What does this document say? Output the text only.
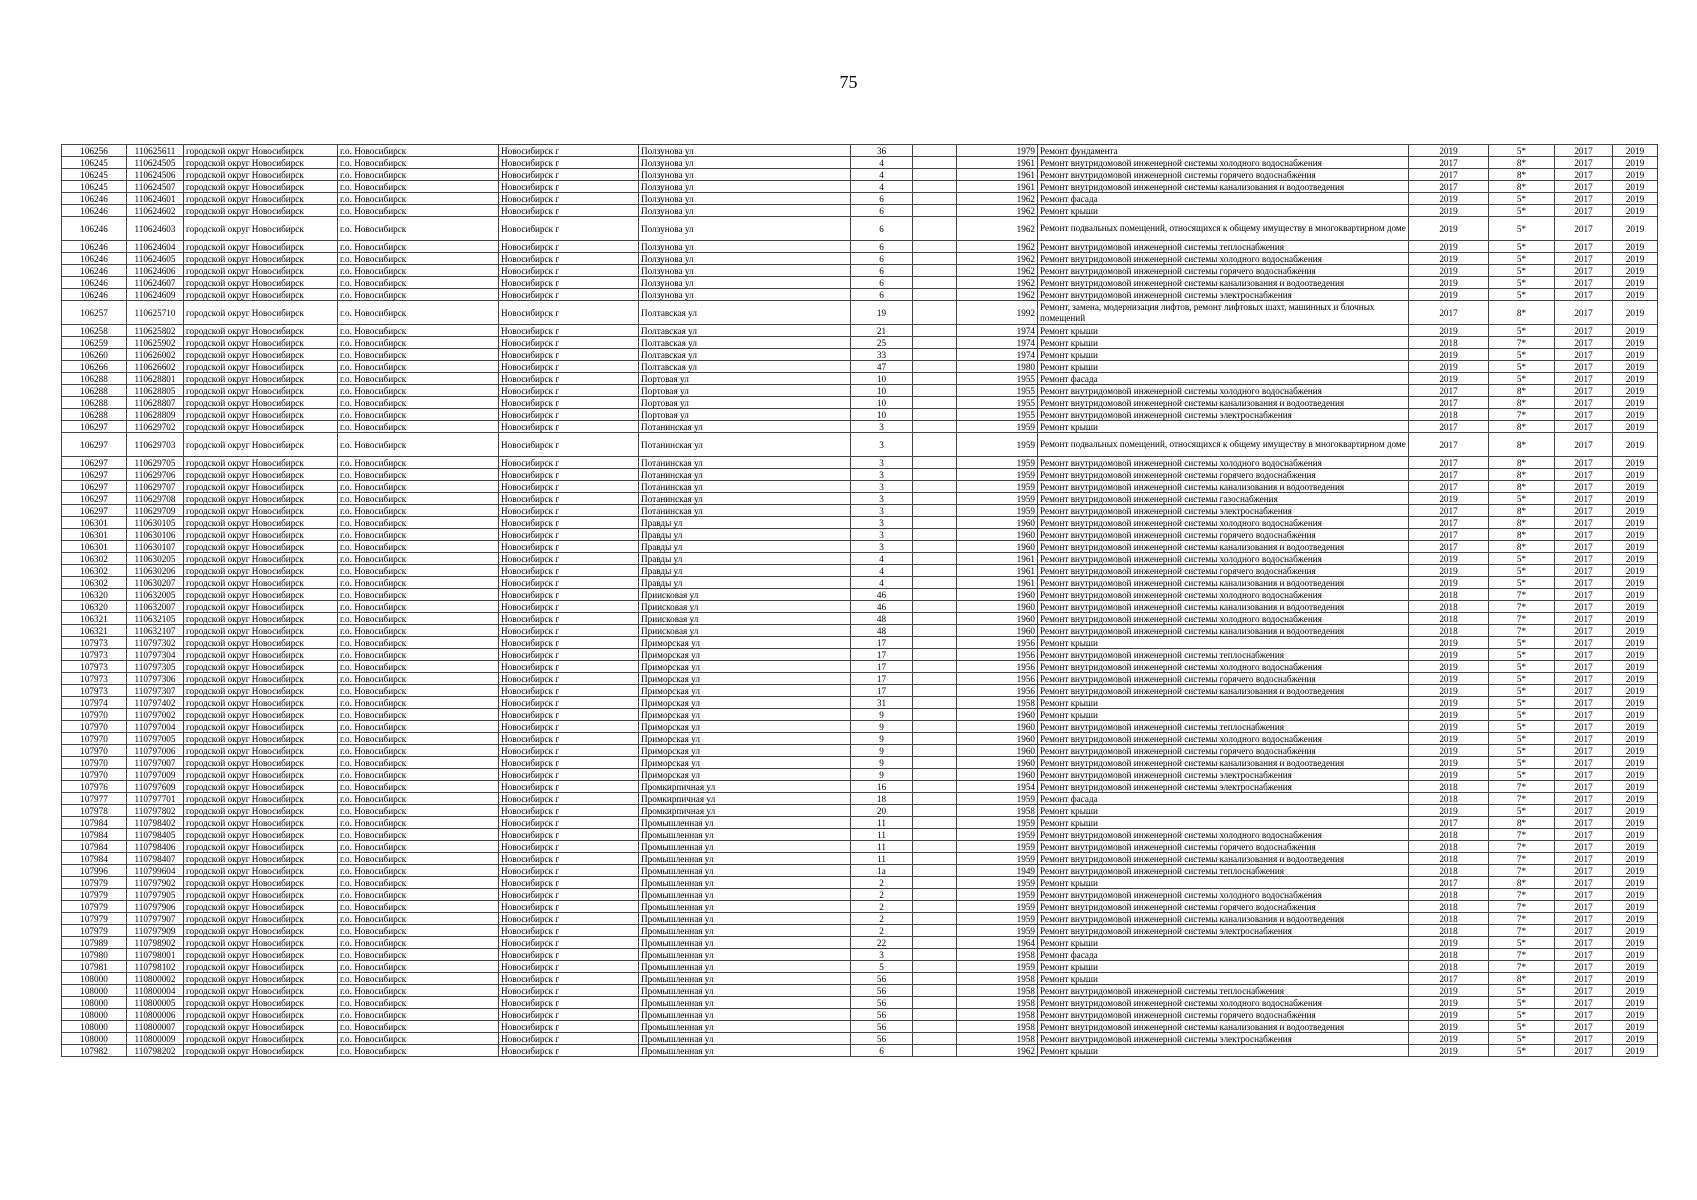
75
106256	110625611	городской округ Новосибирск	г.о. Новосибирск	Новосибирск г	Ползунова ул	36		1979	Ремонт фундамента	2019	5*	2017	2019
106245	110624505	городской округ Новосибирск	г.о. Новосибирск	Новосибирск г	Ползунова ул	4		1961	Ремонт внутридомовой инженерной системы холодного водоснабжения	2017	8*	2017	2019
106245	110624506	городской округ Новосибирск	г.о. Новосибирск	Новосибирск г	Ползунова ул	4		1961	Ремонт внутридомовой инженерной системы горячего водоснабжения	2017	8*	2017	2019
106245	110624507	городской округ Новосибирск	г.о. Новосибирск	Новосибирск г	Ползунова ул	4		1961	Ремонт внутридомовой инженерной системы канализования и водоотведения	2017	8*	2017	2019
106246	110624601	городской округ Новосибирск	г.о. Новосибирск	Новосибирск г	Ползунова ул	6		1962	Ремонт фасада	2019	5*	2017	2019
106246	110624602	городской округ Новосибирск	г.о. Новосибирск	Новосибирск г	Ползунова ул	6		1962	Ремонт крыши	2019	5*	2017	2019
106246	110624603	городской округ Новосибирск	г.о. Новосибирск	Новосибирск г	Ползунова ул	6		1962	Ремонт подвальных помещений, относящихся к общему имуществу в многоквартирном доме	2019	5*	2017	2019
106246	110624604	городской округ Новосибирск	г.о. Новосибирск	Новосибирск г	Ползунова ул	6		1962	Ремонт внутридомовой инженерной системы теплоснабжения	2019	5*	2017	2019
106246	110624605	городской округ Новосибирск	г.о. Новосибирск	Новосибирск г	Ползунова ул	6		1962	Ремонт внутридомовой инженерной системы холодного водоснабжения	2019	5*	2017	2019
106246	110624606	городской округ Новосибирск	г.о. Новосибирск	Новосибирск г	Ползунова ул	6		1962	Ремонт внутридомовой инженерной системы горячего водоснабжения	2019	5*	2017	2019
106246	110624607	городской округ Новосибирск	г.о. Новосибирск	Новосибирск г	Ползунова ул	6		1962	Ремонт внутридомовой инженерной системы канализования и водоотведения	2019	5*	2017	2019
106246	110624609	городской округ Новосибирск	г.о. Новосибирск	Новосибирск г	Ползунова ул	6		1962	Ремонт внутридомовой инженерной системы электроснабжения	2019	5*	2017	2019
106257	110625710	городской округ Новосибирск	г.о. Новосибирск	Новосибирск г	Полтавская ул	19		1992	Ремонт, замена, модернизация лифтов, ремонт лифтовых шахт, машинных и блочных помещений	2017	8*	2017	2019
106258	110625802	городской округ Новосибирск	г.о. Новосибирск	Новосибирск г	Полтавская ул	21		1974	Ремонт крыши	2019	5*	2017	2019
106259	110625902	городской округ Новосибирск	г.о. Новосибирск	Новосибирск г	Полтавская ул	25		1974	Ремонт крыши	2018	7*	2017	2019
106260	110626002	городской округ Новосибирск	г.о. Новосибирск	Новосибирск г	Полтавская ул	33		1974	Ремонт крыши	2019	5*	2017	2019
106266	110626602	городской округ Новосибирск	г.о. Новосибирск	Новосибирск г	Полтавская ул	47		1980	Ремонт крыши	2019	5*	2017	2019
106288	110628801	городской округ Новосибирск	г.о. Новосибирск	Новосибирск г	Портовая ул	10		1955	Ремонт фасада	2019	5*	2017	2019
106288	110628805	городской округ Новосибирск	г.о. Новосибирск	Новосибирск г	Портовая ул	10		1955	Ремонт внутридомовой инженерной системы холодного водоснабжения	2017	8*	2017	2019
106288	110628807	городской округ Новосибирск	г.о. Новосибирск	Новосибирск г	Портовая ул	10		1955	Ремонт внутридомовой инженерной системы канализования и водоотведения	2017	8*	2017	2019
106288	110628809	городской округ Новосибирск	г.о. Новосибирск	Новосибирск г	Портовая ул	10		1955	Ремонт внутридомовой инженерной системы электроснабжения	2018	7*	2017	2019
106297	110629702	городской округ Новосибирск	г.о. Новосибирск	Новосибирск г	Потанинская ул	3		1959	Ремонт крыши	2017	8*	2017	2019
106297	110629703	городской округ Новосибирск	г.о. Новосибирск	Новосибирск г	Потанинская ул	3		1959	Ремонт подвальных помещений, относящихся к общему имуществу в многоквартирном доме	2017	8*	2017	2019
106297	110629705	городской округ Новосибирск	г.о. Новосибирск	Новосибирск г	Потанинская ул	3		1959	Ремонт внутридомовой инженерной системы холодного водоснабжения	2017	8*	2017	2019
106297	110629706	городской округ Новосибирск	г.о. Новосибирск	Новосибирск г	Потанинская ул	3		1959	Ремонт внутридомовой инженерной системы горячего водоснабжения	2017	8*	2017	2019
106297	110629707	городской округ Новосибирск	г.о. Новосибирск	Новосибирск г	Потанинская ул	3		1959	Ремонт внутридомовой инженерной системы канализования и водоотведения	2017	8*	2017	2019
106297	110629708	городской округ Новосибирск	г.о. Новосибирск	Новосибирск г	Потанинская ул	3		1959	Ремонт внутридомовой инженерной системы газоснабжения	2019	5*	2017	2019
106297	110629709	городской округ Новосибирск	г.о. Новосибирск	Новосибирск г	Потанинская ул	3		1959	Ремонт внутридомовой инженерной системы электроснабжения	2017	8*	2017	2019
106301	110630105	городской округ Новосибирск	г.о. Новосибирск	Новосибирск г	Правды ул	3		1960	Ремонт внутридомовой инженерной системы холодного водоснабжения	2017	8*	2017	2019
106301	110630106	городской округ Новосибирск	г.о. Новосибирск	Новосибирск г	Правды ул	3		1960	Ремонт внутридомовой инженерной системы горячего водоснабжения	2017	8*	2017	2019
106301	110630107	городской округ Новосибирск	г.о. Новосибирск	Новосибирск г	Правды ул	3		1960	Ремонт внутридомовой инженерной системы канализования и водоотведения	2017	8*	2017	2019
106302	110630205	городской округ Новосибирск	г.о. Новосибирск	Новосибирск г	Правды ул	4		1961	Ремонт внутридомовой инженерной системы холодного водоснабжения	2019	5*	2017	2019
106302	110630206	городской округ Новосибирск	г.о. Новосибирск	Новосибирск г	Правды ул	4		1961	Ремонт внутридомовой инженерной системы горячего водоснабжения	2019	5*	2017	2019
106302	110630207	городской округ Новосибирск	г.о. Новосибирск	Новосибирск г	Правды ул	4		1961	Ремонт внутридомовой инженерной системы канализования и водоотведения	2019	5*	2017	2019
106320	110632005	городской округ Новосибирск	г.о. Новосибирск	Новосибирск г	Приисковая ул	46		1960	Ремонт внутридомовой инженерной системы холодного водоснабжения	2018	7*	2017	2019
106320	110632007	городской округ Новосибирск	г.о. Новосибирск	Новосибирск г	Приисковая ул	46		1960	Ремонт внутридомовой инженерной системы канализования и водоотведения	2018	7*	2017	2019
106321	110632105	городской округ Новосибирск	г.о. Новосибирск	Новосибирск г	Приисковая ул	48		1960	Ремонт внутридомовой инженерной системы холодного водоснабжения	2018	7*	2017	2019
106321	110632107	городской округ Новосибирск	г.о. Новосибирск	Новосибирск г	Приисковая ул	48		1960	Ремонт внутридомовой инженерной системы канализования и водоотведения	2018	7*	2017	2019
107973	110797302	городской округ Новосибирск	г.о. Новосибирск	Новосибирск г	Приморская ул	17		1956	Ремонт крыши	2019	5*	2017	2019
107973	110797304	городской округ Новосибирск	г.о. Новосибирск	Новосибирск г	Приморская ул	17		1956	Ремонт внутридомовой инженерной системы теплоснабжения	2019	5*	2017	2019
107973	110797305	городской округ Новосибирск	г.о. Новосибирск	Новосибирск г	Приморская ул	17		1956	Ремонт внутридомовой инженерной системы холодного водоснабжения	2019	5*	2017	2019
107973	110797306	городской округ Новосибирск	г.о. Новосибирск	Новосибирск г	Приморская ул	17		1956	Ремонт внутридомовой инженерной системы горячего водоснабжения	2019	5*	2017	2019
107973	110797307	городской округ Новосибирск	г.о. Новосибирск	Новосибирск г	Приморская ул	17		1956	Ремонт внутридомовой инженерной системы канализования и водоотведения	2019	5*	2017	2019
107974	110797402	городской округ Новосибирск	г.о. Новосибирск	Новосибирск г	Приморская ул	31		1958	Ремонт крыши	2019	5*	2017	2019
107970	110797002	городской округ Новосибирск	г.о. Новосибирск	Новосибирск г	Приморская ул	9		1960	Ремонт крыши	2019	5*	2017	2019
107970	110797004	городской округ Новосибирск	г.о. Новосибирск	Новосибирск г	Приморская ул	9		1960	Ремонт внутридомовой инженерной системы теплоснабжения	2019	5*	2017	2019
107970	110797005	городской округ Новосибирск	г.о. Новосибирск	Новосибирск г	Приморская ул	9		1960	Ремонт внутридомовой инженерной системы холодного водоснабжения	2019	5*	2017	2019
107970	110797006	городской округ Новосибирск	г.о. Новосибирск	Новосибирск г	Приморская ул	9		1960	Ремонт внутридомовой инженерной системы горячего водоснабжения	2019	5*	2017	2019
107970	110797007	городской округ Новосибирск	г.о. Новосибирск	Новосибирск г	Приморская ул	9		1960	Ремонт внутридомовой инженерной системы канализования и водоотведения	2019	5*	2017	2019
107970	110797009	городской округ Новосибирск	г.о. Новосибирск	Новосибирск г	Приморская ул	9		1960	Ремонт внутридомовой инженерной системы электроснабжения	2019	5*	2017	2019
107976	110797609	городской округ Новосибирск	г.о. Новосибирск	Новосибирск г	Промкирпичная ул	16		1954	Ремонт внутридомовой инженерной системы электроснабжения	2018	7*	2017	2019
107977	110797701	городской округ Новосибирск	г.о. Новосибирск	Новосибирск г	Промкирпичная ул	18		1959	Ремонт фасада	2018	7*	2017	2019
107978	110797802	городской округ Новосибирск	г.о. Новосибирск	Новосибирск г	Промкирпичная ул	20		1958	Ремонт крыши	2019	5*	2017	2019
107984	110798402	городской округ Новосибирск	г.о. Новосибирск	Новосибирск г	Промышленная ул	11		1959	Ремонт крыши	2017	8*	2017	2019
107984	110798405	городской округ Новосибирск	г.о. Новосибирск	Новосибирск г	Промышленная ул	11		1959	Ремонт внутридомовой инженерной системы холодного водоснабжения	2018	7*	2017	2019
107984	110798406	городской округ Новосибирск	г.о. Новосибирск	Новосибирск г	Промышленная ул	11		1959	Ремонт внутридомовой инженерной системы горячего водоснабжения	2018	7*	2017	2019
107984	110798407	городской округ Новосибирск	г.о. Новосибирск	Новосибирск г	Промышленная ул	11		1959	Ремонт внутридомовой инженерной системы канализования и водоотведения	2018	7*	2017	2019
107996	110799604	городской округ Новосибирск	г.о. Новосибирск	Новосибирск г	Промышленная ул	1а		1949	Ремонт внутридомовой инженерной системы теплоснабжения	2018	7*	2017	2019
107979	110797902	городской округ Новосибирск	г.о. Новосибирск	Новосибирск г	Промышленная ул	2		1959	Ремонт крыши	2017	8*	2017	2019
107979	110797905	городской округ Новосибирск	г.о. Новосибирск	Новосибирск г	Промышленная ул	2		1959	Ремонт внутридомовой инженерной системы холодного водоснабжения	2018	7*	2017	2019
107979	110797906	городской округ Новосибирск	г.о. Новосибирск	Новосибирск г	Промышленная ул	2		1959	Ремонт внутридомовой инженерной системы горячего водоснабжения	2018	7*	2017	2019
107979	110797907	городской округ Новосибирск	г.о. Новосибирск	Новосибирск г	Промышленная ул	2		1959	Ремонт внутридомовой инженерной системы канализования и водоотведения	2018	7*	2017	2019
107979	110797909	городской округ Новосибирск	г.о. Новосибирск	Новосибирск г	Промышленная ул	2		1959	Ремонт внутридомовой инженерной системы электроснабжения	2018	7*	2017	2019
107989	110798902	городской округ Новосибирск	г.о. Новосибирск	Новосибирск г	Промышленная ул	22		1964	Ремонт крыши	2019	5*	2017	2019
107980	110798001	городской округ Новосибирск	г.о. Новосибирск	Новосибирск г	Промышленная ул	3		1958	Ремонт фасада	2018	7*	2017	2019
107981	110798102	городской округ Новосибирск	г.о. Новосибирск	Новосибирск г	Промышленная ул	5		1959	Ремонт крыши	2018	7*	2017	2019
108000	110800002	городской округ Новосибирск	г.о. Новосибирск	Новосибирск г	Промышленная ул	56		1958	Ремонт крыши	2017	8*	2017	2019
108000	110800004	городской округ Новосибирск	г.о. Новосибирск	Новосибирск г	Промышленная ул	56		1958	Ремонт внутридомовой инженерной системы теплоснабжения	2019	5*	2017	2019
108000	110800005	городской округ Новосибирск	г.о. Новосибирск	Новосибирск г	Промышленная ул	56		1958	Ремонт внутридомовой инженерной системы холодного водоснабжения	2019	5*	2017	2019
108000	110800006	городской округ Новосибирск	г.о. Новосибирск	Новосибирск г	Промышленная ул	56		1958	Ремонт внутридомовой инженерной системы горячего водоснабжения	2019	5*	2017	2019
108000	110800007	городской округ Новосибирск	г.о. Новосибирск	Новосибирск г	Промышленная ул	56		1958	Ремонт внутридомовой инженерной системы канализования и водоотведения	2019	5*	2017	2019
108000	110800009	городской округ Новосибирск	г.о. Новосибирск	Новосибирск г	Промышленная ул	56		1958	Ремонт внутридомовой инженерной системы электроснабжения	2019	5*	2017	2019
107982	110798202	городской округ Новосибирск	г.о. Новосибирск	Новосибирск г	Промышленная ул	6		1962	Ремонт крыши	2019	5*	2017	2019
